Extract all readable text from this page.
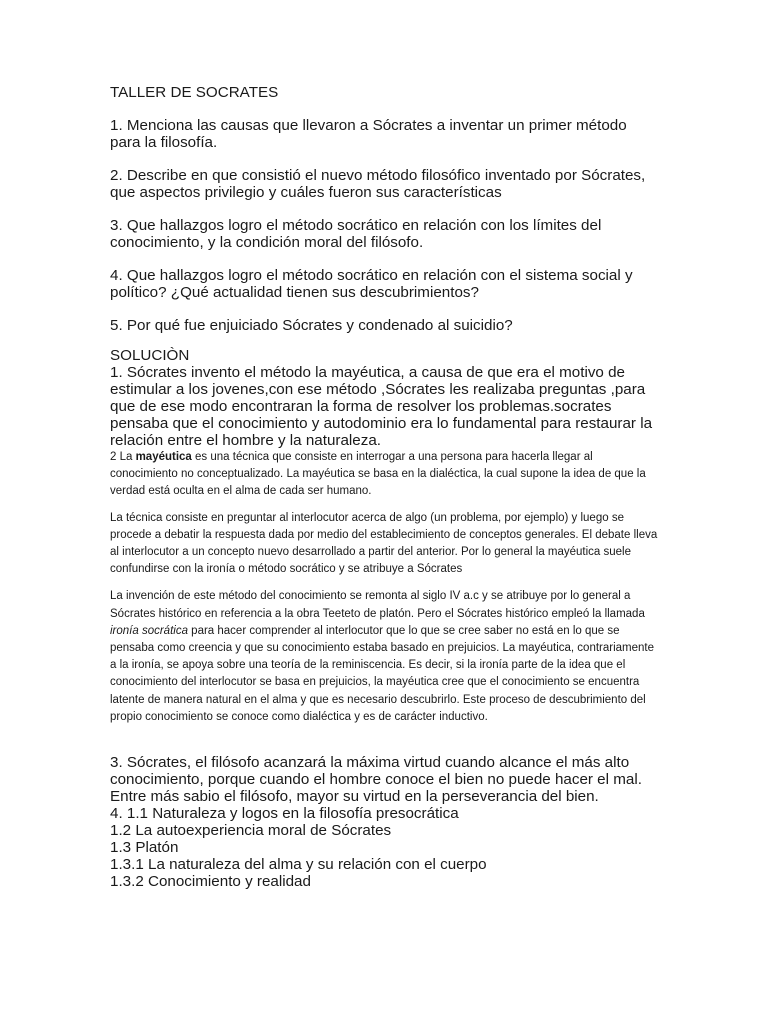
TALLER DE SOCRATES

1. Menciona las causas que llevaron a Sócrates a inventar un primer método para la filosofía.

2. Describe en que consistió el nuevo método filosófico inventado por Sócrates, que aspectos privilegio y cuáles fueron sus características

3. Que hallazgos logro el método socrático en relación con los límites del conocimiento, y la condición moral del filósofo.

4. Que hallazgos logro el método socrático en relación con el sistema social y político? ¿Qué actualidad tienen sus descubrimientos?

5. Por qué fue enjuiciado Sócrates y condenado al suicidio?

SOLUCIÒN

1. Sócrates invento el método la mayéutica, a causa de que era el motivo de estimular a los jovenes,con ese método ,Sócrates les realizaba preguntas ,para que de ese modo encontraran la forma de resolver los problemas.socrates pensaba que el conocimiento y autodominio era lo fundamental para restaurar la relación entre el hombre y la naturaleza.

2 La mayéutica es una técnica que consiste en interrogar a una persona para hacerla llegar al conocimiento no conceptualizado. La mayéutica se basa en la dialéctica, la cual supone la idea de que la verdad está oculta en el alma de cada ser humano.

La técnica consiste en preguntar al interlocutor acerca de algo (un problema, por ejemplo) y luego se procede a debatir la respuesta dada por medio del establecimiento de conceptos generales. El debate lleva al interlocutor a un concepto nuevo desarrollado a partir del anterior. Por lo general la mayéutica suele confundirse con la ironía o método socrático y se atribuye a Sócrates

La invención de este método del conocimiento se remonta al siglo IV a.c y se atribuye por lo general a Sócrates histórico en referencia a la obra Teeteto de platón. Pero el Sócrates histórico empleó la llamada ironía socrática para hacer comprender al interlocutor que lo que se cree saber no está en lo que se pensaba como creencia y que su conocimiento estaba basado en prejuicios. La mayéutica, contrariamente a la ironía, se apoya sobre una teoría de la reminiscencia. Es decir, si la ironía parte de la idea que el conocimiento del interlocutor se basa en prejuicios, la mayéutica cree que el conocimiento se encuentra latente de manera natural en el alma y que es necesario descubrirlo. Este proceso de descubrimiento del propio conocimiento se conoce como dialéctica y es de carácter inductivo.

3. Sócrates, el filósofo acanzará la máxima virtud cuando alcance el más alto conocimiento, porque cuando el hombre conoce el bien no puede hacer el mal. Entre más sabio el filósofo, mayor su virtud en la perseverancia del bien.

4. 1.1 Naturaleza y logos en la filosofía presocrática

1.2 La autoexperiencia moral de Sócrates

1.3 Platón

1.3.1 La naturaleza del alma y su relación con el cuerpo

1.3.2 Conocimiento y realidad
